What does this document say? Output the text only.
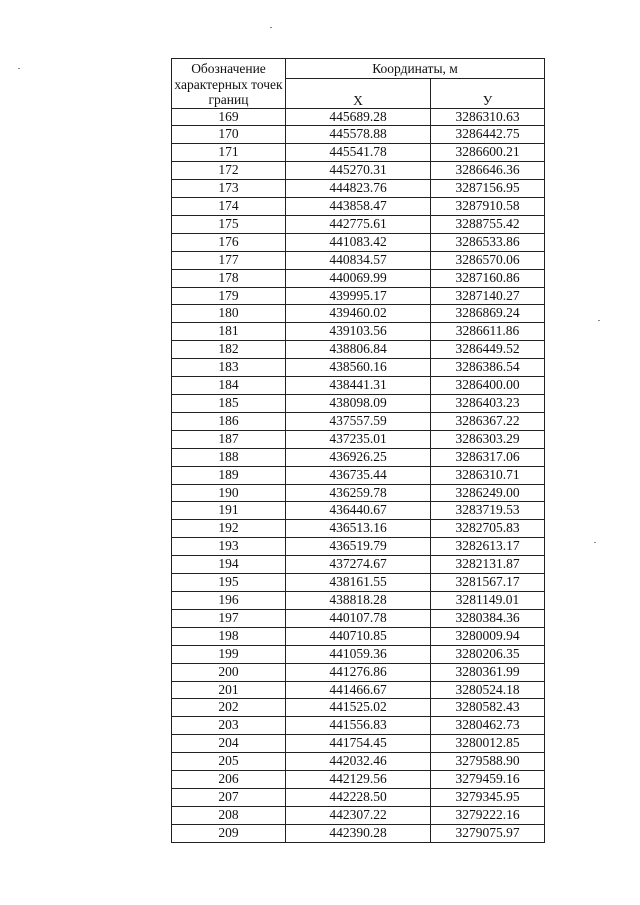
Обозначение характерных точек границ	Координаты, м	
	Х	У
169	445689.28	3286310.63
170	445578.88	3286442.75
171	445541.78	3286600.21
172	445270.31	3286646.36
173	444823.76	3287156.95
174	443858.47	3287910.58
175	442775.61	3288755.42
176	441083.42	3286533.86
177	440834.57	3286570.06
178	440069.99	3287160.86
179	439995.17	3287140.27
180	439460.02	3286869.24
181	439103.56	3286611.86
182	438806.84	3286449.52
183	438560.16	3286386.54
184	438441.31	3286400.00
185	438098.09	3286403.23
186	437557.59	3286367.22
187	437235.01	3286303.29
188	436926.25	3286317.06
189	436735.44	3286310.71
190	436259.78	3286249.00
191	436440.67	3283719.53
192	436513.16	3282705.83
193	436519.79	3282613.17
194	437274.67	3282131.87
195	438161.55	3281567.17
196	438818.28	3281149.01
197	440107.78	3280384.36
198	440710.85	3280009.94
199	441059.36	3280206.35
200	441276.86	3280361.99
201	441466.67	3280524.18
202	441525.02	3280582.43
203	441556.83	3280462.73
204	441754.45	3280012.85
205	442032.46	3279588.90
206	442129.56	3279459.16
207	442228.50	3279345.95
208	442307.22	3279222.16
209	442390.28	3279075.97
